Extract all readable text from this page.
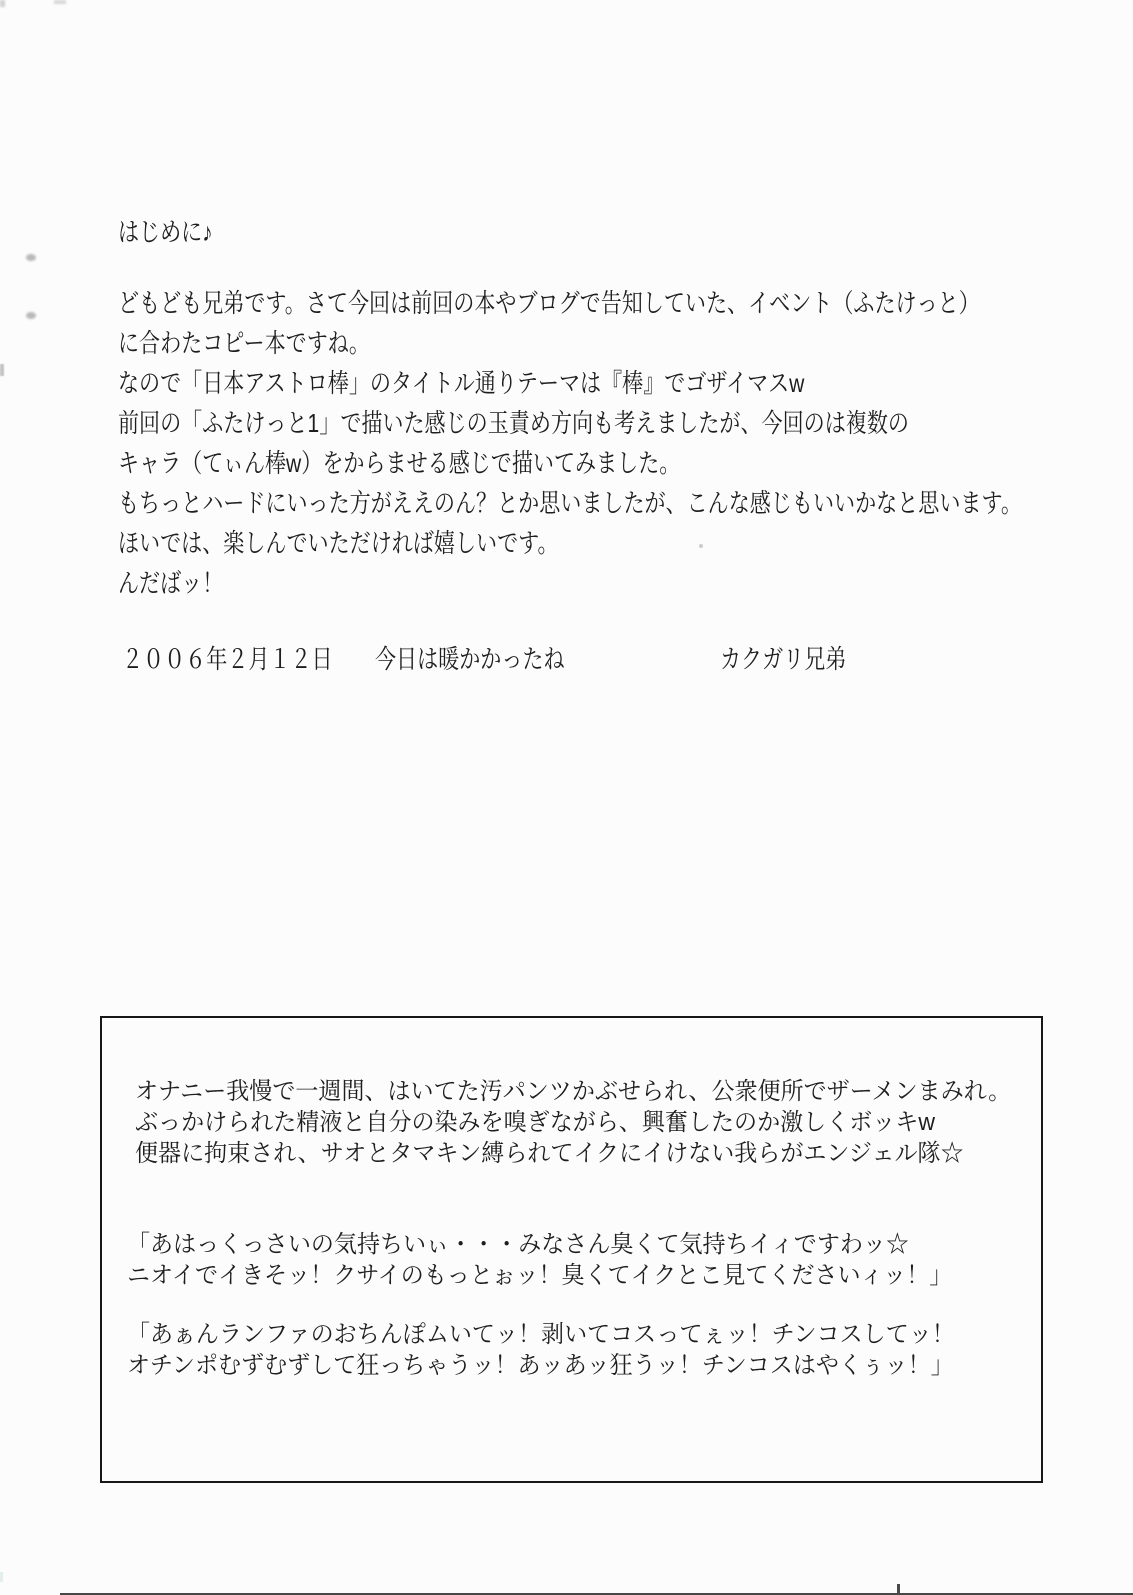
はじめに♪
どもども兄弟です。さて今回は前回の本やブログで告知していた、イベント（ふたけっと）
に合わたコピー本ですね。
なので「日本アストロ棒」のタイトル通りテーマは『棒』でゴザイマスw
前回の「ふたけっと1」で描いた感じの玉責め方向も考えましたが、今回のは複数の
キャラ（てぃん棒w）をからませる感じで描いてみました。
もちっとハードにいった方がええのん？とか思いましたが、こんな感じもいいかなと思います。
ほいでは、楽しんでいただければ嬉しいです。
んだばッ！
２００６年２月１２日 今日は暖かかったね	カクガリ兄弟
オナニー我慢で一週間、はいてた汚パンツかぶせられ、公衆便所でザーメンまみれ。
ぶっかけられた精液と自分の染みを嗅ぎながら、興奮したのか激しくボッキw
便器に拘束され、サオとタマキン縛られてイクにイけない我らがエンジェル隊☆
「あはっくっさいの気持ちいぃ・・・みなさん臭くて気持ちイィですわッ☆
ニオイでイきそッ！クサイのもっとぉッ！臭くてイクとこ見てくださいィッ！」
「あぁんランファのおちんぽムいてッ！剥いてコスってぇッ！チンコスしてッ！
オチンポむずむずして狂っちゃうッ！あッあッ狂うッ！チンコスはやくぅッ！」
